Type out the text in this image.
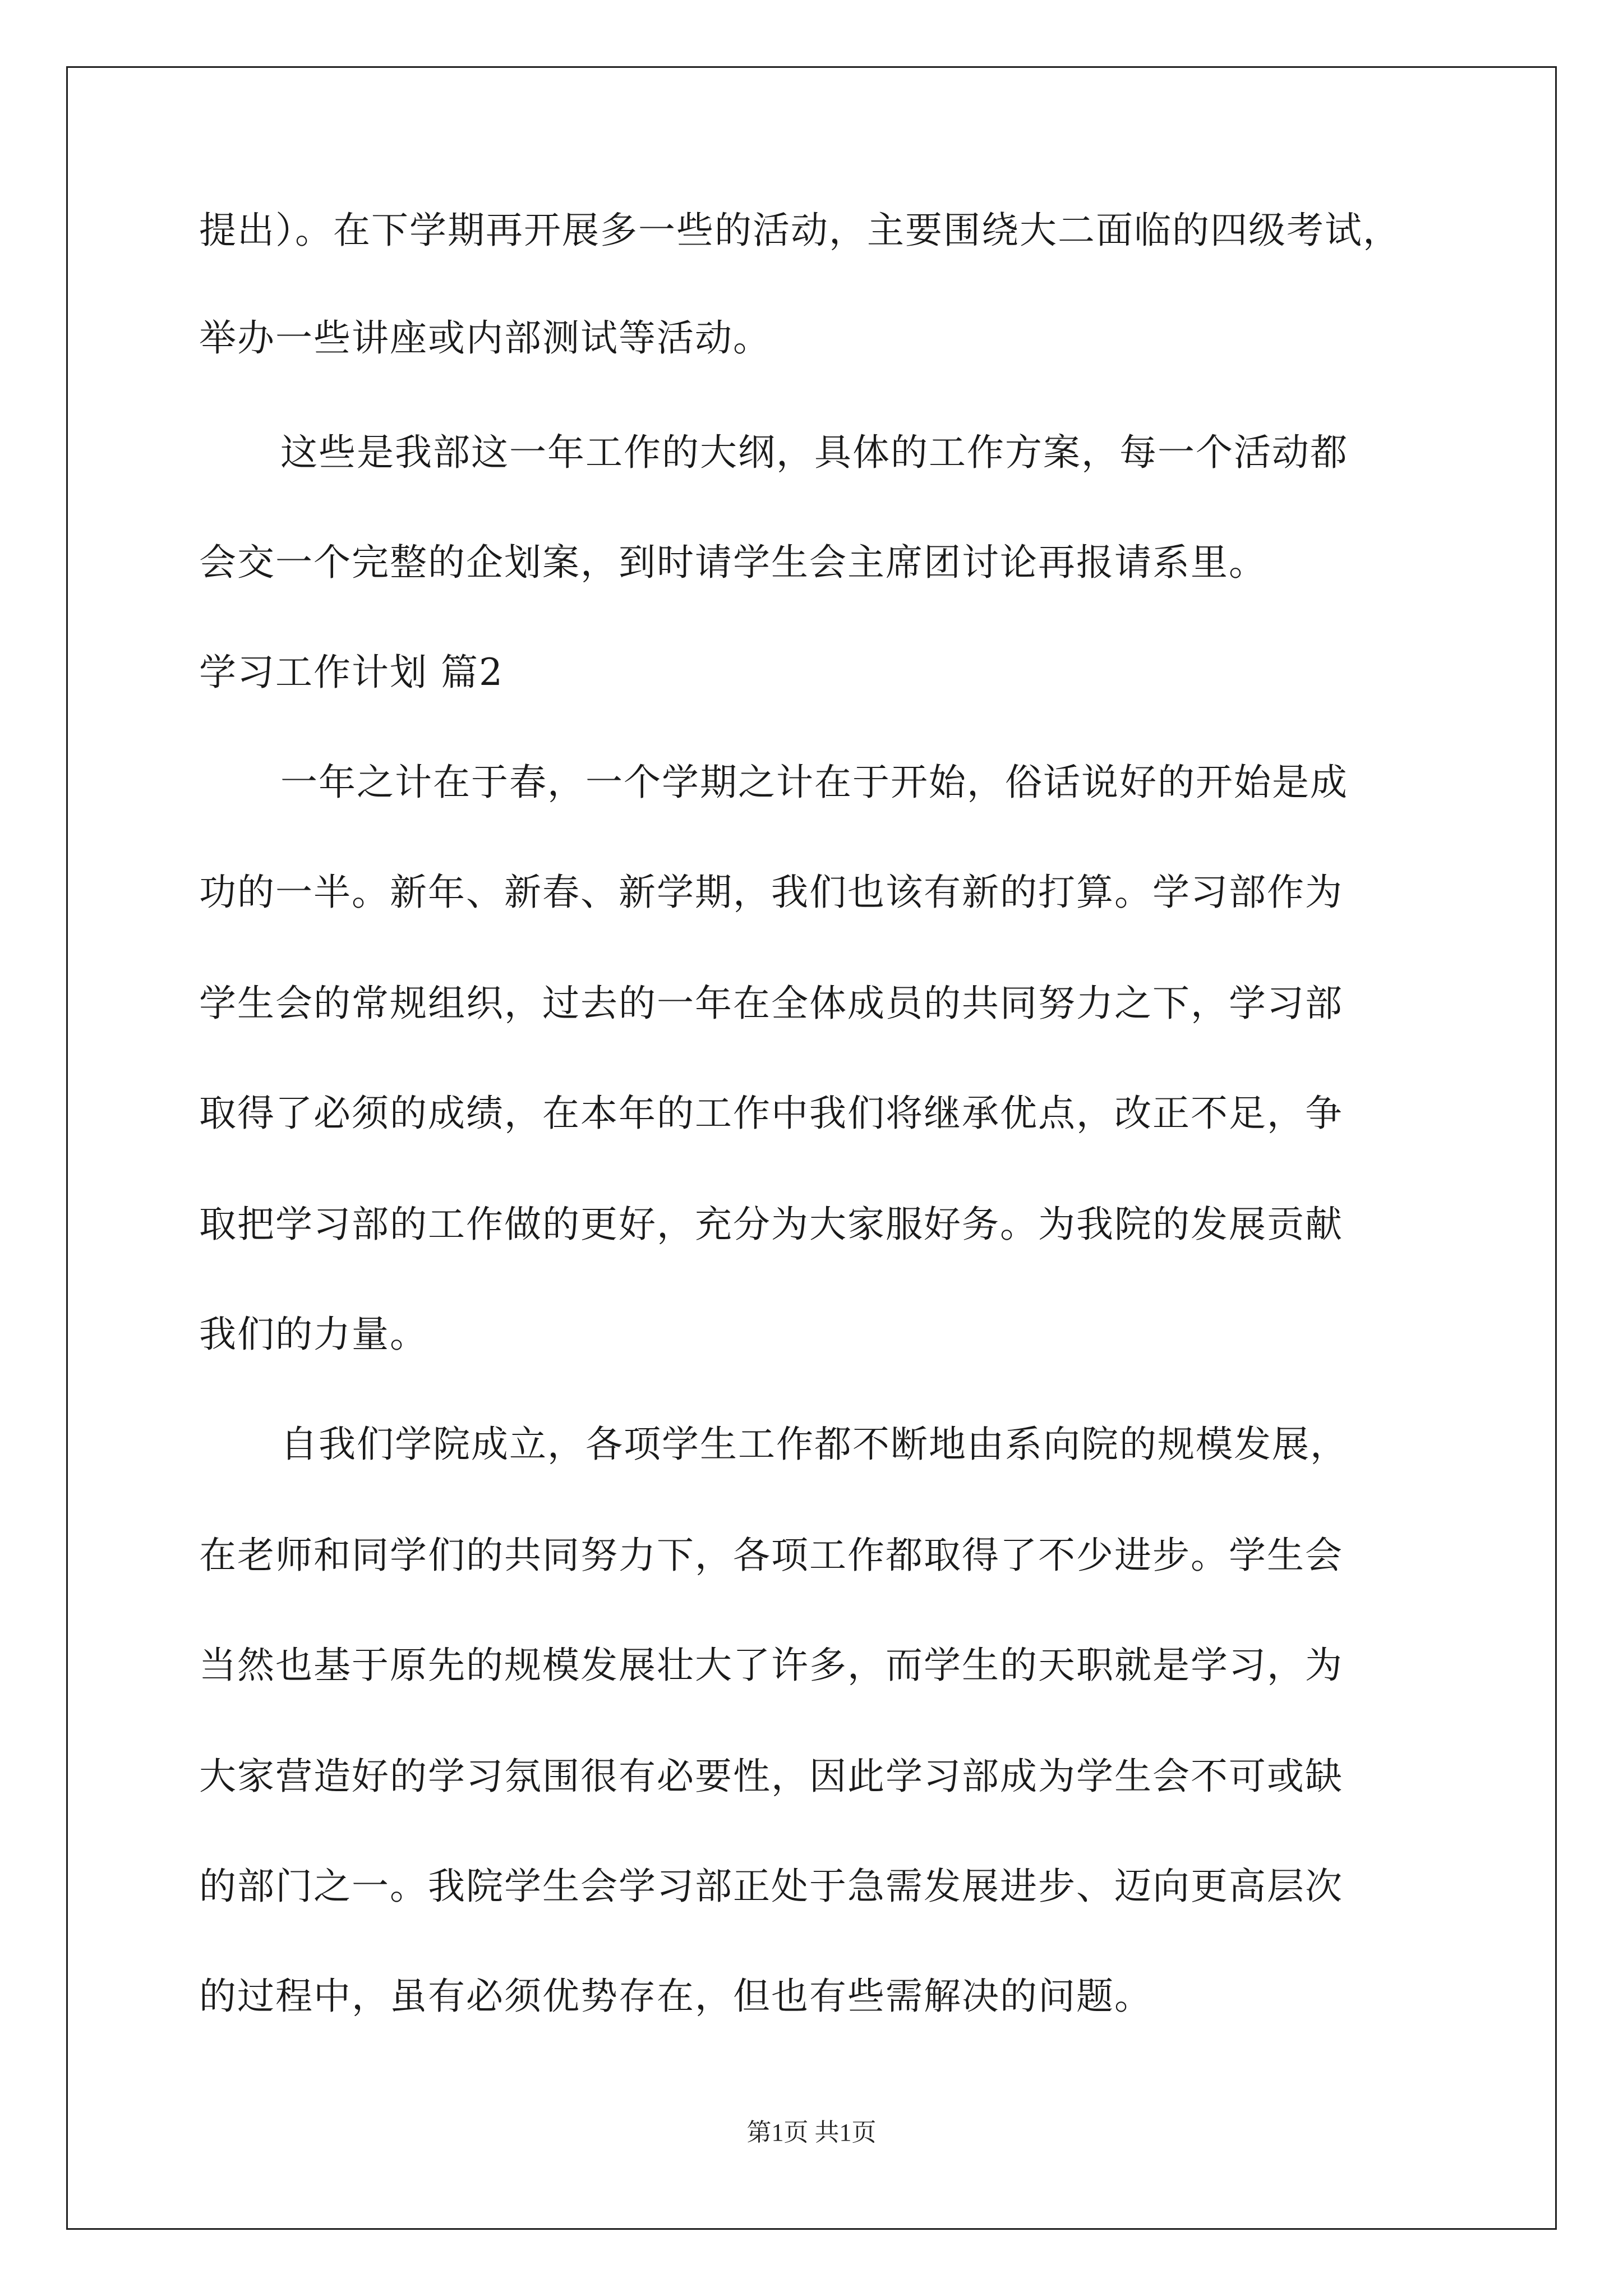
提出）。在下学期再开展多一些的活动，主要围绕大二面临的四级考试，
举办一些讲座或内部测试等活动。
这些是我部这一年工作的大纲，具体的工作方案，每一个活动都
会交一个完整的企划案，到时请学生会主席团讨论再报请系里。
学习工作计划 篇2
一年之计在于春，一个学期之计在于开始，俗话说好的开始是成
功的一半。新年、新春、新学期，我们也该有新的打算。学习部作为
学生会的常规组织，过去的一年在全体成员的共同努力之下，学习部
取得了必须的成绩，在本年的工作中我们将继承优点，改正不足，争
取把学习部的工作做的更好，充分为大家服好务。为我院的发展贡献
我们的力量。
自我们学院成立，各项学生工作都不断地由系向院的规模发展，
在老师和同学们的共同努力下，各项工作都取得了不少进步。学生会
当然也基于原先的规模发展壮大了许多，而学生的天职就是学习，为
大家营造好的学习氛围很有必要性，因此学习部成为学生会不可或缺
的部门之一。我院学生会学习部正处于急需发展进步、迈向更高层次
的过程中，虽有必须优势存在，但也有些需解决的问题。
第1页 共1页
